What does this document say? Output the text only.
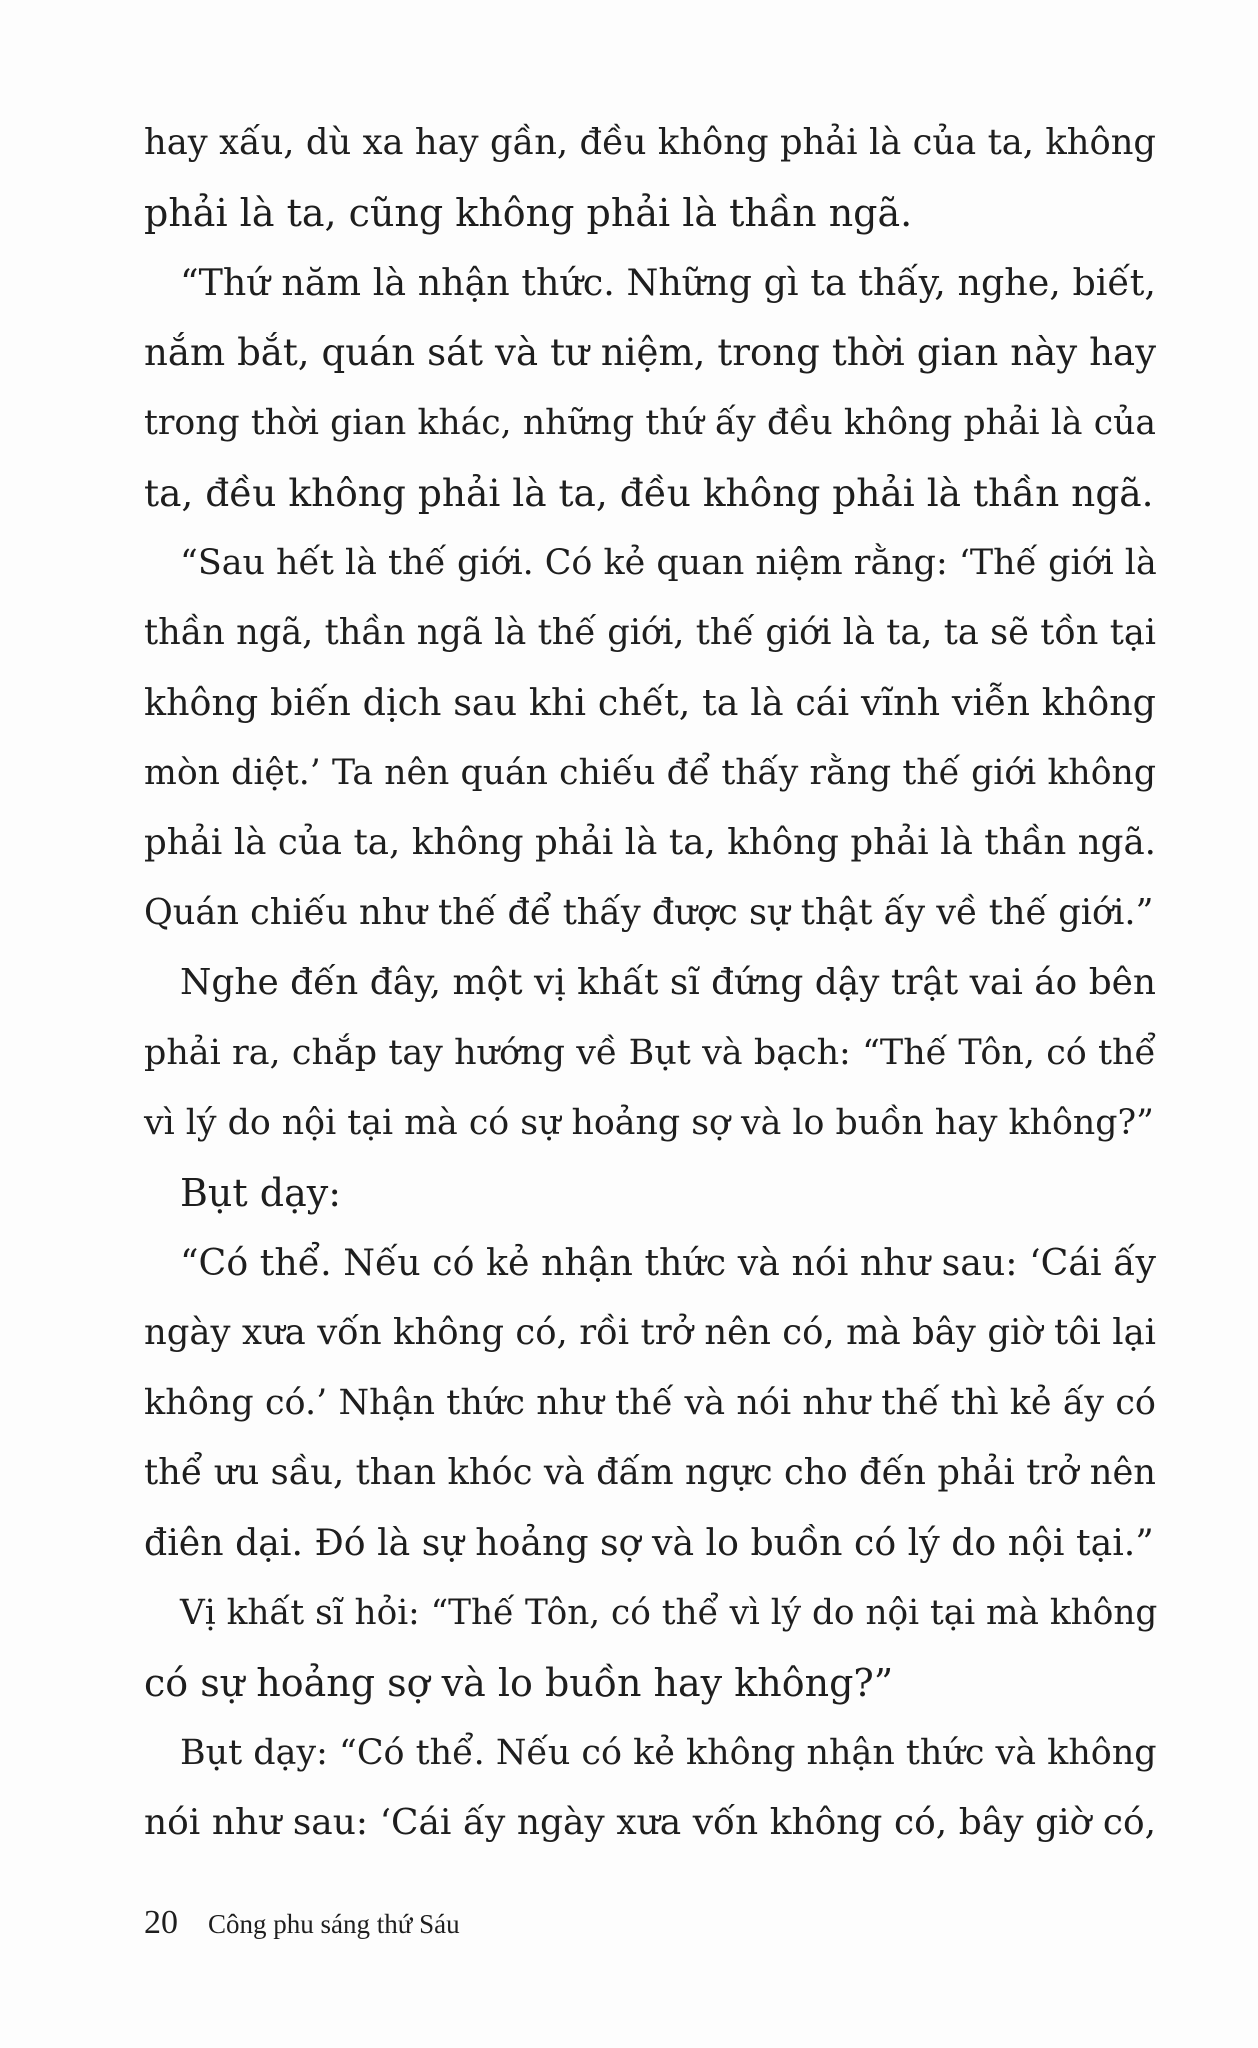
hay xấu, dù xa hay gần, đều không phải là của ta, không
phải là ta, cũng không phải là thần ngã.
“Thứ năm là nhận thức. Những gì ta thấy, nghe, biết,
nắm bắt, quán sát và tư niệm, trong thời gian này hay
trong thời gian khác, những thứ ấy đều không phải là của
ta, đều không phải là ta, đều không phải là thần ngã.
“Sau hết là thế giới. Có kẻ quan niệm rằng: ‘Thế giới là
thần ngã, thần ngã là thế giới, thế giới là ta, ta sẽ tồn tại
không biến dịch sau khi chết, ta là cái vĩnh viễn không
mòn diệt.’ Ta nên quán chiếu để thấy rằng thế giới không
phải là của ta, không phải là ta, không phải là thần ngã.
Quán chiếu như thế để thấy được sự thật ấy về thế giới.”
Nghe đến đây, một vị khất sĩ đứng dậy trật vai áo bên
phải ra, chắp tay hướng về Bụt và bạch: “Thế Tôn, có thể
vì lý do nội tại mà có sự hoảng sợ và lo buồn hay không?”
Bụt dạy:
“Có thể. Nếu có kẻ nhận thức và nói như sau: ‘Cái ấy
ngày xưa vốn không có, rồi trở nên có, mà bây giờ tôi lại
không có.’ Nhận thức như thế và nói như thế thì kẻ ấy có
thể ưu sầu, than khóc và đấm ngực cho đến phải trở nên
điên dại. Đó là sự hoảng sợ và lo buồn có lý do nội tại.”
Vị khất sĩ hỏi: “Thế Tôn, có thể vì lý do nội tại mà không
có sự hoảng sợ và lo buồn hay không?”
Bụt dạy: “Có thể. Nếu có kẻ không nhận thức và không
nói như sau: ‘Cái ấy ngày xưa vốn không có, bây giờ có,
20 Công phu sáng thứ Sáu
